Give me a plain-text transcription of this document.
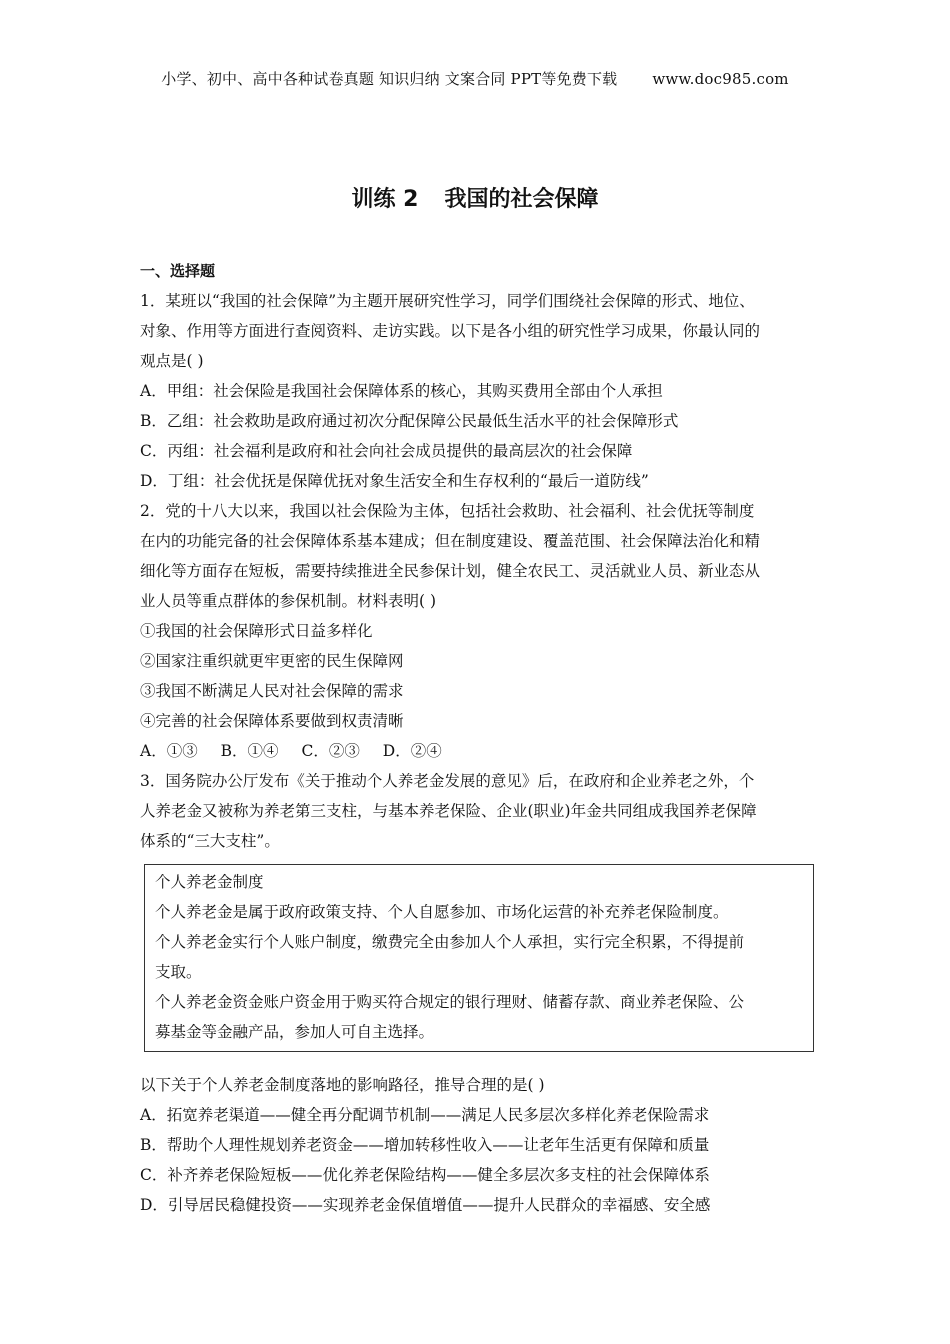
小学、初中、高中各种试卷真题 知识归纳 文案合同 PPT等免费下载 www.doc985.com
训练 2 我国的社会保障
一、选择题
1．某班以“我国的社会保障”为主题开展研究性学习，同学们围绕社会保障的形式、地位、
对象、作用等方面进行查阅资料、走访实践。以下是各小组的研究性学习成果，你最认同的
观点是( )
A．甲组：社会保险是我国社会保障体系的核心，其购买费用全部由个人承担
B．乙组：社会救助是政府通过初次分配保障公民最低生活水平的社会保障形式
C．丙组：社会福利是政府和社会向社会成员提供的最高层次的社会保障
D．丁组：社会优抚是保障优抚对象生活安全和生存权利的“最后一道防线”
2．党的十八大以来，我国以社会保险为主体，包括社会救助、社会福利、社会优抚等制度
在内的功能完备的社会保障体系基本建成；但在制度建设、覆盖范围、社会保障法治化和精
细化等方面存在短板，需要持续推进全民参保计划，健全农民工、灵活就业人员、新业态从
业人员等重点群体的参保机制。材料表明( )
①我国的社会保障形式日益多样化
②国家注重织就更牢更密的民生保障网
③我国不断满足人民对社会保障的需求
④完善的社会保障体系要做到权责清晰
A．①③ B．①④ C．②③ D．②④
3．国务院办公厅发布《关于推动个人养老金发展的意见》后，在政府和企业养老之外，个
人养老金又被称为养老第三支柱，与基本养老保险、企业(职业)年金共同组成我国养老保障
体系的“三大支柱”。
个人养老金制度
个人养老金是属于政府政策支持、个人自愿参加、市场化运营的补充养老保险制度。
个人养老金实行个人账户制度，缴费完全由参加人个人承担，实行完全积累，不得提前
支取。
个人养老金资金账户资金用于购买符合规定的银行理财、储蓄存款、商业养老保险、公
募基金等金融产品，参加人可自主选择。
以下关于个人养老金制度落地的影响路径，推导合理的是( )
A．拓宽养老渠道——健全再分配调节机制——满足人民多层次多样化养老保险需求
B．帮助个人理性规划养老资金——增加转移性收入——让老年生活更有保障和质量
C．补齐养老保险短板——优化养老保险结构——健全多层次多支柱的社会保障体系
D．引导居民稳健投资——实现养老金保值增值——提升人民群众的幸福感、安全感
